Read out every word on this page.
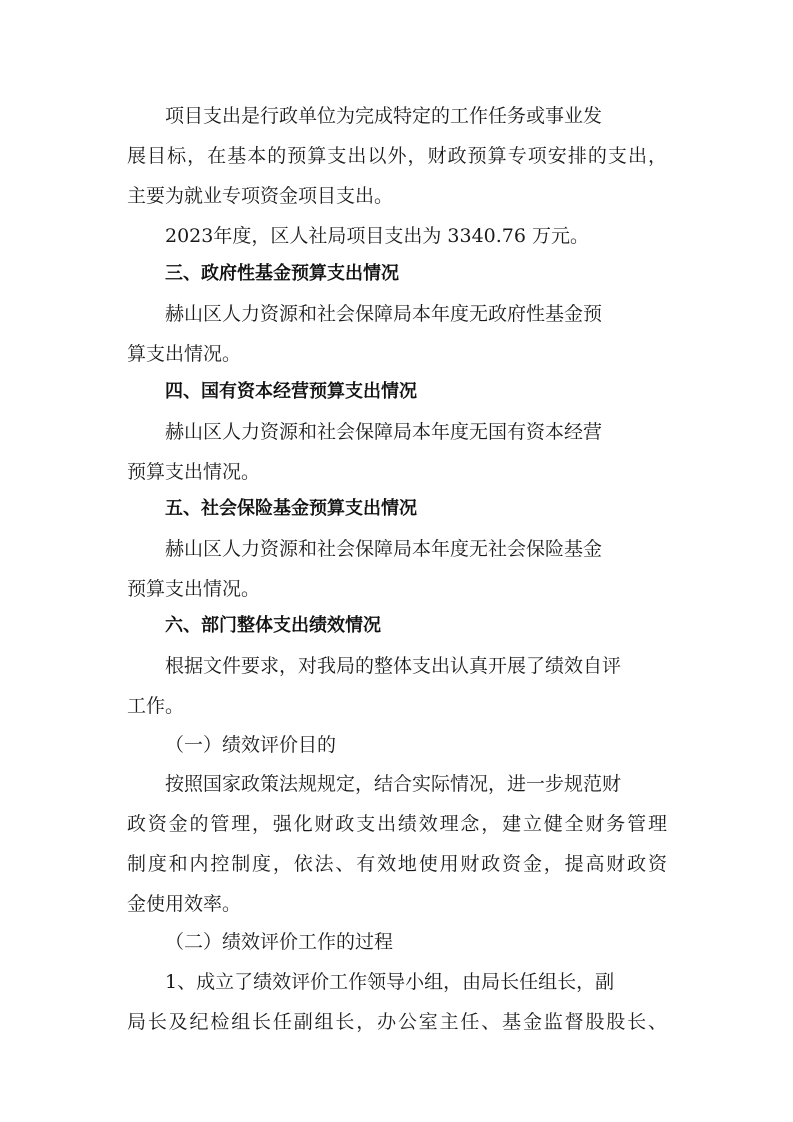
项目支出是行政单位为完成特定的工作任务或事业发
展目标，在基本的预算支出以外，财政预算专项安排的支出，
主要为就业专项资金项目支出。
2023年度，区人社局项目支出为 3340.76 万元。
三、政府性基金预算支出情况
赫山区人力资源和社会保障局本年度无政府性基金预
算支出情况。
四、国有资本经营预算支出情况
赫山区人力资源和社会保障局本年度无国有资本经营
预算支出情况。
五、社会保险基金预算支出情况
赫山区人力资源和社会保障局本年度无社会保险基金
预算支出情况。
六、部门整体支出绩效情况
根据文件要求，对我局的整体支出认真开展了绩效自评
工作。
（一）绩效评价目的
按照国家政策法规规定，结合实际情况，进一步规范财
政资金的管理，强化财政支出绩效理念，建立健全财务管理
制度和内控制度，依法、有效地使用财政资金，提高财政资
金使用效率。
（二）绩效评价工作的过程
1、成立了绩效评价工作领导小组，由局长任组长，副
局长及纪检组长任副组长，办公室主任、基金监督股股长、
